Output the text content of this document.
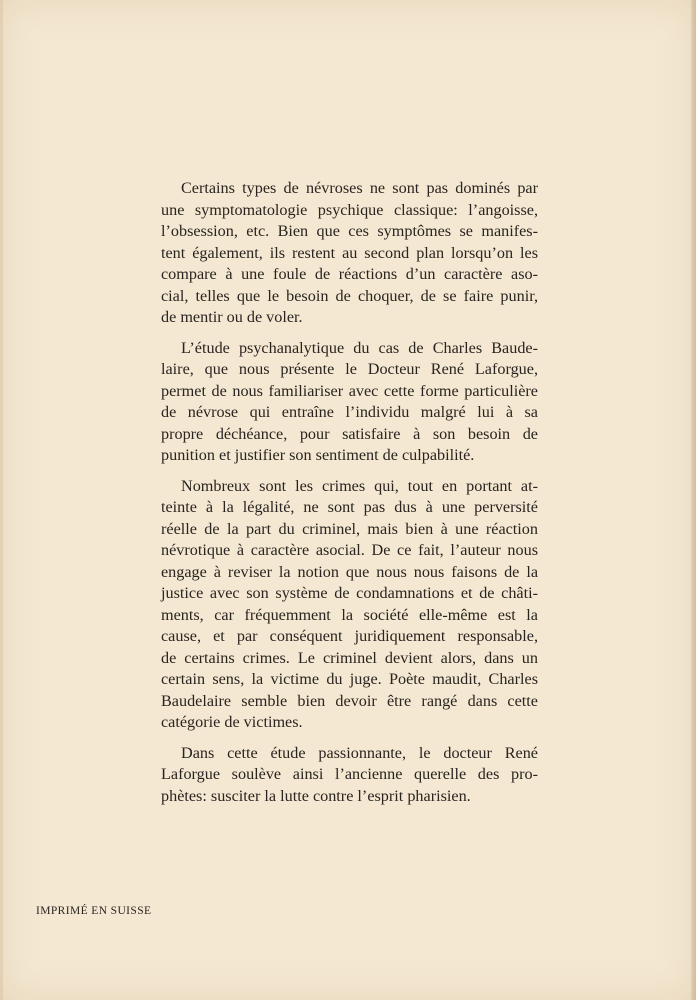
Certains types de névroses ne sont pas dominés par
une symptomatologie psychique classique: l’angoisse,
l’obsession, etc. Bien que ces symptômes se manifes-
tent également, ils restent au second plan lorsqu’on les
compare à une foule de réactions d’un caractère aso-
cial, telles que le besoin de choquer, de se faire punir,
de mentir ou de voler.

L’étude psychanalytique du cas de Charles Baude-
laire, que nous présente le Docteur René Laforgue,
permet de nous familiariser avec cette forme particulière
de névrose qui entraîne l’individu malgré lui à sa
propre déchéance, pour satisfaire à son besoin de
punition et justifier son sentiment de culpabilité.

Nombreux sont les crimes qui, tout en portant at-
teinte à la légalité, ne sont pas dus à une perversité
réelle de la part du criminel, mais bien à une réaction
névrotique à caractère asocial. De ce fait, l’auteur nous
engage à reviser la notion que nous nous faisons de la
justice avec son système de condamnations et de châti-
ments, car fréquemment la société elle-même est la
cause, et par conséquent juridiquement responsable,
de certains crimes. Le criminel devient alors, dans un
certain sens, la victime du juge. Poète maudit, Charles
Baudelaire semble bien devoir être rangé dans cette
catégorie de victimes.

Dans cette étude passionnante, le docteur René
Laforgue soulève ainsi l’ancienne querelle des pro-
phètes: susciter la lutte contre l’esprit pharisien.

IMPRIMÉ EN SUISSE
